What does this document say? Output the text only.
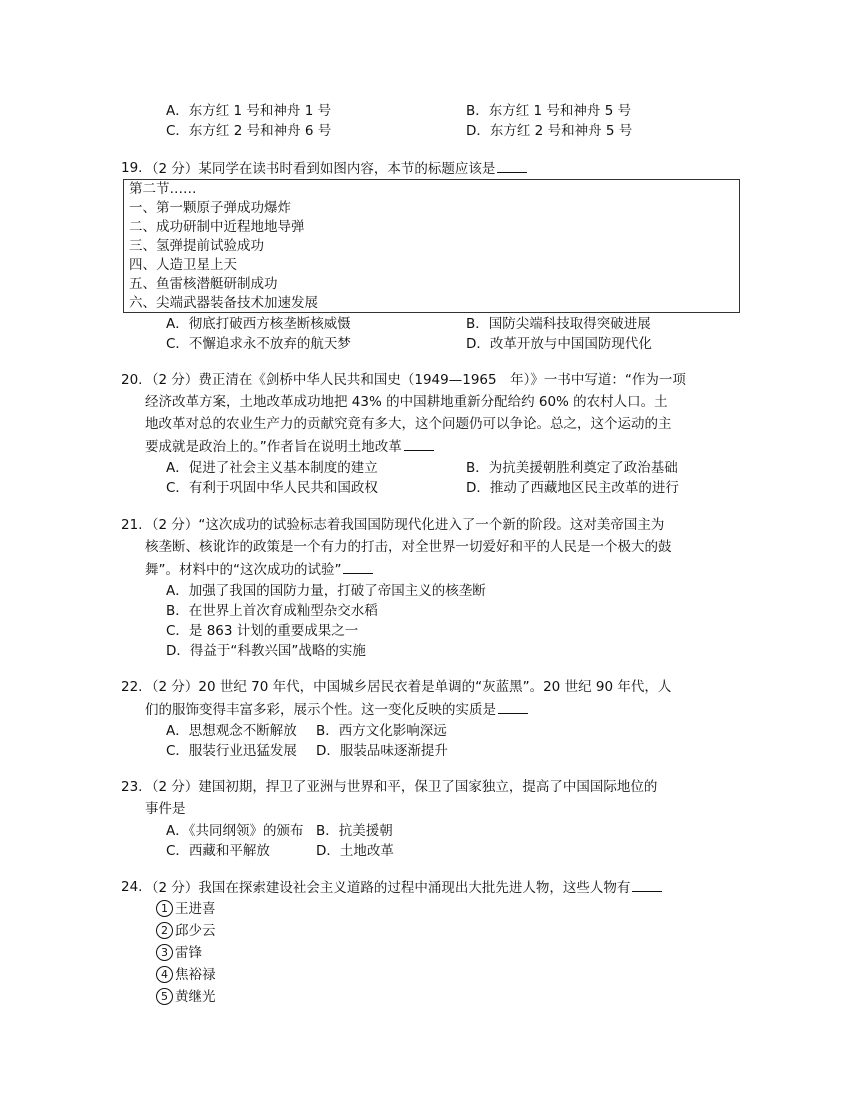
A．东方红 1 号和神舟 1 号	B．东方红 1 号和神舟 5 号
C．东方红 2 号和神舟 6 号	D．东方红 2 号和神舟 5 号
19. （2 分）某同学在读书时看到如图内容，本节的标题应该是
第二节……
一、第一颗原子弹成功爆炸
二、成功研制中近程地地导弹
三、氢弹提前试验成功
四、人造卫星上天
五、鱼雷核潜艇研制成功
六、尖端武器装备技术加速发展
A．彻底打破西方核垄断核威慑	B．国防尖端科技取得突破进展
C．不懈追求永不放弃的航天梦	D．改革开放与中国国防现代化
20. （2 分）费正清在《剑桥中华人民共和国史（1949—1965　年）》一书中写道：“作为一项
经济改革方案，土地改革成功地把 43% 的中国耕地重新分配给约 60% 的农村人口。土
地改革对总的农业生产力的贡献究竟有多大，这个问题仍可以争论。总之，这个运动的主
要成就是政治上的。”作者旨在说明土地改革
A．促进了社会主义基本制度的建立	B．为抗美援朝胜利奠定了政治基础
C．有利于巩固中华人民共和国政权	D．推动了西藏地区民主改革的进行
21. （2 分）“这次成功的试验标志着我国国防现代化进入了一个新的阶段。这对美帝国主为
核垄断、核讹诈的政策是一个有力的打击，对全世界一切爱好和平的人民是一个极大的鼓
舞”。材料中的“这次成功的试验”
A．加强了我国的国防力量，打破了帝国主义的核垄断
B．在世界上首次育成籼型杂交水稻
C．是 863 计划的重要成果之一
D．得益于“科教兴国”战略的实施
22. （2 分）20 世纪 70 年代，中国城乡居民衣着是单调的“灰蓝黑”。20 世纪 90 年代，人
们的服饰变得丰富多彩，展示个性。这一变化反映的实质是
A．思想观念不断解放 B．西方文化影响深远
C．服装行业迅猛发展 D．服装品味逐渐提升
23. （2 分）建国初期，捍卫了亚洲与世界和平，保卫了国家独立，提高了中国国际地位的
事件是
A．《共同纲领》的颁布 B．抗美援朝
C．西藏和平解放	D．土地改革
24. （2 分）我国在探索建设社会主义道路的过程中涌现出大批先进人物，这些人物有
1 王进喜
2 邱少云
3 雷锋
4 焦裕禄
5 黄继光
